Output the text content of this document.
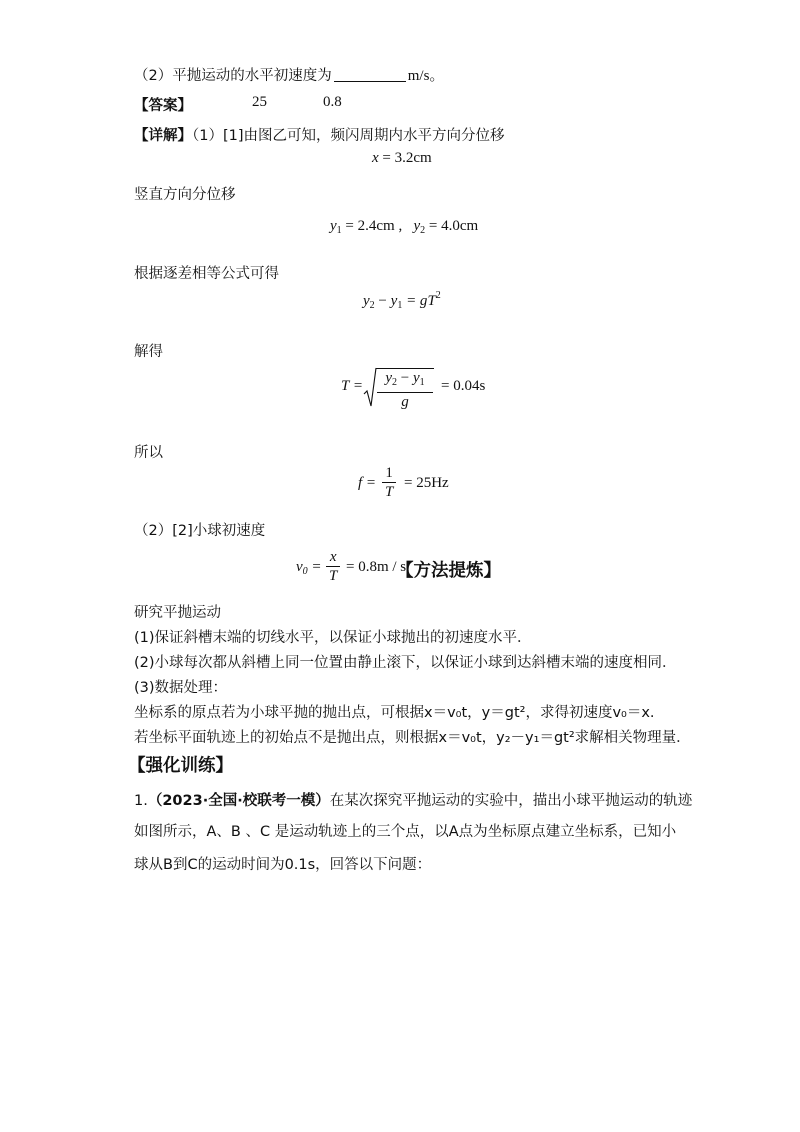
（2）平抛运动的水平初速度为	m/s。
【答案】	25	0.8
【详解】（1）[1]由图乙可知，频闪周期内水平方向分位移
x = 3.2cm
竖直方向分位移
$y_1 = 2.4cm$ , $y_2 = 4.0cm$
根据逐差相等公式可得
$y_2 - y_1 = gT^2$
解得
$T = \frac{y_2 - y_1}{g} = 0.04s$
所以
$f = \frac{1}{T} = 25Hz$
（2）[2]小球初速度
$v_0 = \frac{x}{T} = 0.8m / s$
【方法提炼】
研究平抛运动
(1)保证斜槽末端的切线水平，以保证小球抛出的初速度水平．
(2)小球每次都从斜槽上同一位置由静止滚下，以保证小球到达斜槽末端的速度相同．
(3)数据处理：
坐标系的原点若为小球平抛的抛出点，可根据x＝v₀t，y＝gt²，求得初速度v₀＝x.
若坐标平面轨迹上的初始点不是抛出点，则根据x＝v₀t，y₂－y₁＝gt²求解相关物理量．
【强化训练】
1.（2023·全国·校联考一模）在某次探究平抛运动的实验中，描出小球平抛运动的轨迹
如图所示，A、B 、C 是运动轨迹上的三个点，以A点为坐标原点建立坐标系，已知小
球从B到C的运动时间为0.1s，回答以下问题：
